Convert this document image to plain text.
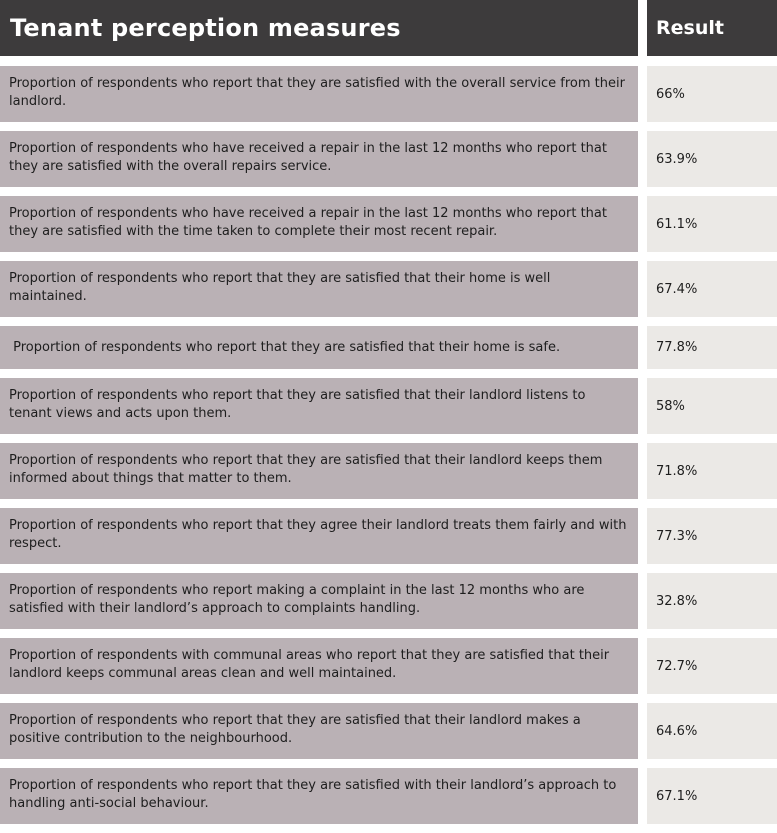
Tenant perception measures	Result
Proportion of respondents who report that they are satisfied with the overall service from their landlord.	66%
Proportion of respondents who have received a repair in the last 12 months who report that they are satisfied with the overall repairs service.	63.9%
Proportion of respondents who have received a repair in the last 12 months who report that they are satisfied with the time taken to complete their most recent repair.	61.1%
Proportion of respondents who report that they are satisfied that their home is well maintained.	67.4%
Proportion of respondents who report that they are satisfied that their home is safe.	77.8%
Proportion of respondents who report that they are satisfied that their landlord listens to tenant views and acts upon them.	58%
Proportion of respondents who report that they are satisfied that their landlord keeps them informed about things that matter to them.	71.8%
Proportion of respondents who report that they agree their landlord treats them fairly and with respect.	77.3%
Proportion of respondents who report making a complaint in the last 12 months who are satisfied with their landlord’s approach to complaints handling.	32.8%
Proportion of respondents with communal areas who report that they are satisfied that their landlord keeps communal areas clean and well maintained.	72.7%
Proportion of respondents who report that they are satisfied that their landlord makes a positive contribution to the neighbourhood.	64.6%
Proportion of respondents who report that they are satisfied with their landlord’s approach to handling anti-social behaviour.	67.1%
